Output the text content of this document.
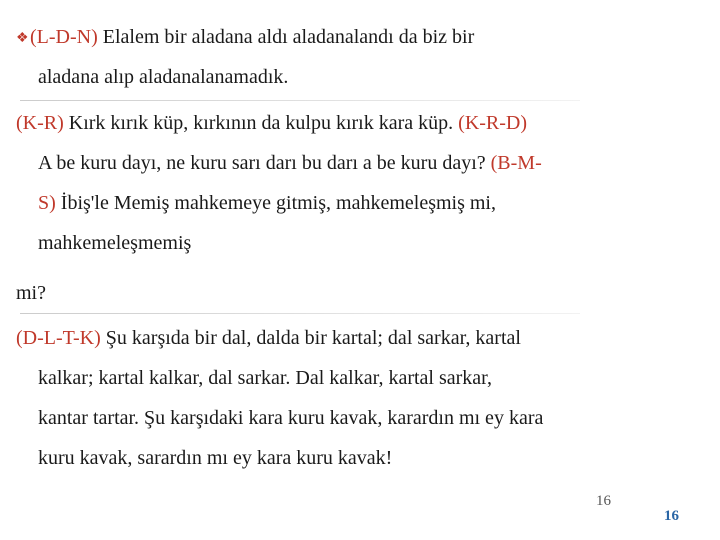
❖(L-D-N) Elalem bir aladana aldı aladanalandı da biz bir
aladana alıp aladanalanamadık.
(K-R) Kırk kırık küp, kırkının da kulpu kırık kara küp. (K-R-D)
A be kuru dayı, ne kuru sarı darı bu darı a be kuru dayı? (B-M-
S) İbiş'le Memiş mahkemeye gitmiş, mahkemeleşmiş mi,
mahkemeleşmemiş
mi?
(D-L-T-K) Şu karşıda bir dal, dalda bir kartal; dal sarkar, kartal
kalkar; kartal kalkar, dal sarkar. Dal kalkar, kartal sarkar,
kantar tartar. Şu karşıdaki kara kuru kavak, karardın mı ey kara
kuru kavak, sarardın mı ey kara kuru kavak!
16
16
